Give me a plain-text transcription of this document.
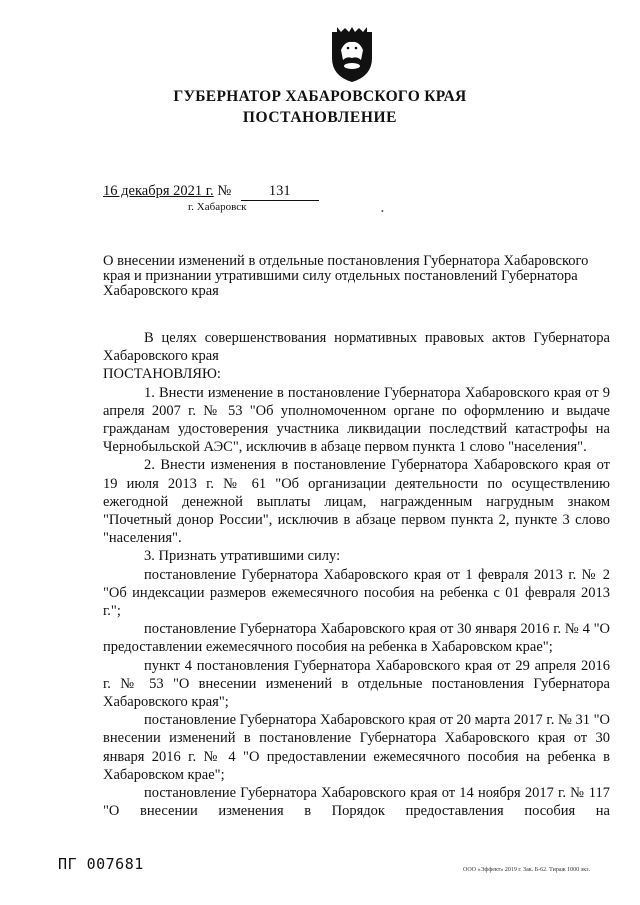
ГУБЕРНАТОР ХАБАРОВСКОГО КРАЯ
ПОСТАНОВЛЕНИЕ
16 декабря 2021 г. №	131
г. Хабаровск	•
О внесении изменений в отдельные постановления Губернатора Хабаровского края и признании утратившими силу отдельных постановлений Губернатора Хабаровского края

В целях совершенствования нормативных правовых актов Губернатора Хабаровского края

ПОСТАНОВЛЯЮ:

1. Внести изменение в постановление Губернатора Хабаровского края от 9 апреля 2007 г. № 53 "Об уполномоченном органе по оформлению и выдаче гражданам удостоверения участника ликвидации последствий катастрофы на Чернобыльской АЭС", исключив в абзаце первом пункта 1 слово "населения".

2. Внести изменения в постановление Губернатора Хабаровского края от 19 июля 2013 г. № 61 "Об организации деятельности по осуществлению ежегодной денежной выплаты лицам, награжденным нагрудным знаком "Почетный донор России", исключив в абзаце первом пункта 2, пункте 3 слово "населения".

3. Признать утратившими силу:

постановление Губернатора Хабаровского края от 1 февраля 2013 г. № 2 "Об индексации размеров ежемесячного пособия на ребенка с 01 февраля 2013 г.";

постановление Губернатора Хабаровского края от 30 января 2016 г. № 4 "О предоставлении ежемесячного пособия на ребенка в Хабаровском крае";

пункт 4 постановления Губернатора Хабаровского края от 29 апреля 2016 г. № 53 "О внесении изменений в отдельные постановления Губернатора Хабаровского края";

постановление Губернатора Хабаровского края от 20 марта 2017 г. № 31 "О внесении изменений в постановление Губернатора Хабаровского края от 30 января 2016 г. № 4 "О предоставлении ежемесячного пособия на ребенка в Хабаровском крае";

постановление Губернатора Хабаровского края от 14 ноября 2017 г. № 117 "О внесении изменения в Порядок предоставления пособия на

ПГ 007681	ООО «Эффект» 2019 г. Зак. Б-62. Тираж 1000 экз.
